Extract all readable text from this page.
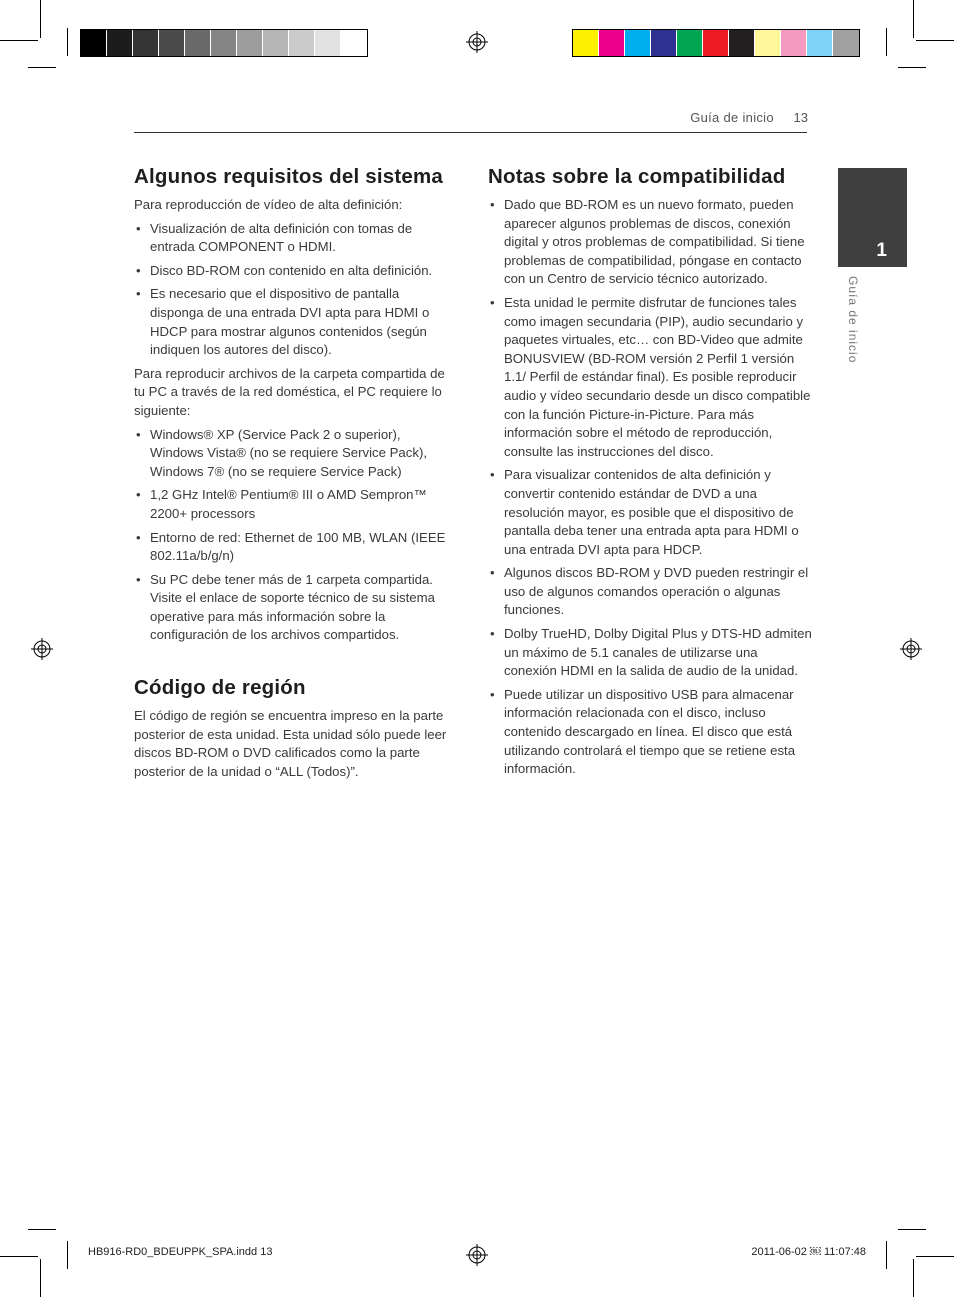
Guía de inicio 13
1
Guía de inicio
Algunos requisitos del sistema

Para reproducción de vídeo de alta definición:

• Visualización de alta definición con tomas de entrada COMPONENT o HDMI.
• Disco BD-ROM con contenido en alta definición.
• Es necesario que el dispositivo de pantalla disponga de una entrada DVI apta para HDMI o HDCP para mostrar algunos contenidos (según indiquen los autores del disco).

Para reproducir archivos de la carpeta compartida de tu PC a través de la red doméstica, el PC requiere lo siguiente:

• Windows® XP (Service Pack 2 o superior), Windows Vista® (no se requiere Service Pack), Windows 7® (no se requiere Service Pack)
• 1,2 GHz Intel® Pentium® III o AMD Sempron™ 2200+ processors
• Entorno de red: Ethernet de 100 MB, WLAN (IEEE 802.11a/b/g/n)
• Su PC debe tener más de 1 carpeta compartida. Visite el enlace de soporte técnico de su sistema operative para más información sobre la configuración de los archivos compartidos.
Código de región

El código de región se encuentra impreso en la parte posterior de esta unidad. Esta unidad sólo puede leer discos BD-ROM o DVD calificados como la parte posterior de la unidad o “ALL (Todos)”.

Notas sobre la compatibilidad
• Dado que BD-ROM es un nuevo formato, pueden aparecer algunos problemas de discos, conexión digital y otros problemas de compatibilidad. Si tiene problemas de compatibilidad, póngase en contacto con un Centro de servicio técnico autorizado.
• Esta unidad le permite disfrutar de funciones tales como imagen secundaria (PIP), audio secundario y paquetes virtuales, etc… con BD-Video que admite BONUSVIEW (BD-ROM versión 2 Perfil 1 versión 1.1/ Perfil de estándar final). Es posible reproducir audio y vídeo secundario desde un disco compatible con la función Picture-in-Picture. Para más información sobre el método de reproducción, consulte las instrucciones del disco.
• Para visualizar contenidos de alta definición y convertir contenido estándar de DVD a una resolución mayor, es posible que el dispositivo de pantalla deba tener una entrada apta para HDMI o una entrada DVI apta para HDCP.
• Algunos discos BD-ROM y DVD pueden restringir el uso de algunos comandos operación o algunas funciones.
• Dolby TrueHD, Dolby Digital Plus y DTS-HD admiten un máximo de 5.1 canales de utilizarse una conexión HDMI en la salida de audio de la unidad.
• Puede utilizar un dispositivo USB para almacenar información relacionada con el disco, incluso contenido descargado en línea. El disco que está utilizando controlará el tiempo que se retiene esta información.
HB916-RD0_BDEUPPK_SPA.indd 13	2011-06-02 ￼ 11:07:48
